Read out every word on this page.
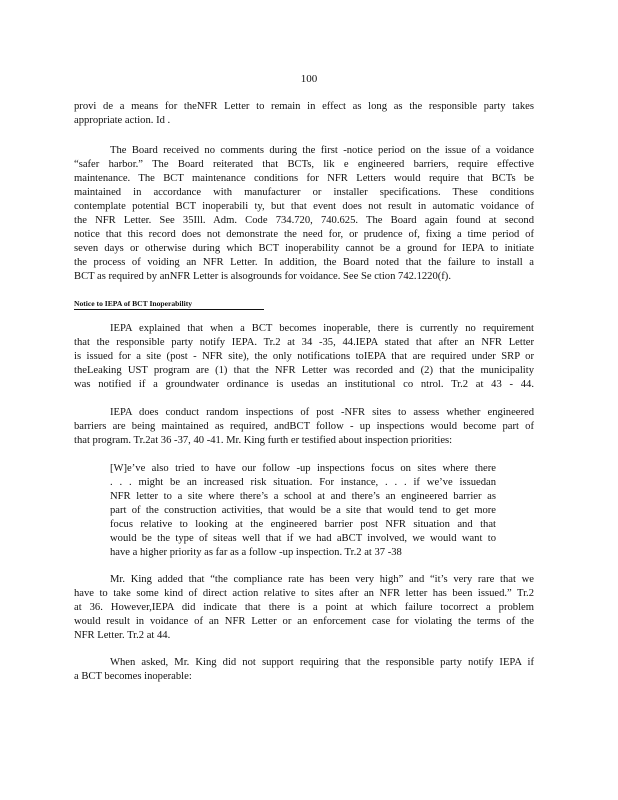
100
provi de a means for theNFR Letter to remain in effect as long as the responsible party takes
appropriate action. Id .
The Board received no comments during the first -notice period on the issue of a voidance
“safer harbor.” The Board reiterated that BCTs, lik e engineered barriers, require effective
maintenance. The BCT maintenance conditions for NFR Letters would require that BCTs be
maintained in accordance with manufacturer or installer specifications. These conditions
contemplate potential BCT inoperabili ty, but that event does not result in automatic voidance of
the NFR Letter. See 35Ill. Adm. Code 734.720, 740.625. The Board again found at second
notice that this record does not demonstrate the need for, or prudence of, fixing a time period of
seven days or otherwise during which BCT inoperability cannot be a ground for IEPA to initiate
the process of voiding an NFR Letter. In addition, the Board noted that the failure to install a
BCT as required by anNFR Letter is alsogrounds for voidance. See Se ction 742.1220(f).
Notice to IEPA of BCT Inoperability
IEPA explained that when a BCT becomes inoperable, there is currently no requirement
that the responsible party notify IEPA. Tr.2 at 34 -35, 44.IEPA stated that after an NFR Letter
is issued for a site (post - NFR site), the only notifications toIEPA that are required under SRP or
theLeaking UST program are (1) that the NFR Letter was recorded and (2) that the municipality
was notified if a groundwater ordinance is usedas an institutional co ntrol. Tr.2 at 43 - 44.
IEPA does conduct random inspections of post -NFR sites to assess whether engineered
barriers are being maintained as required, andBCT follow - up inspections would become part of
that program. Tr.2at 36 -37, 40 -41. Mr. King furth er testified about inspection priorities:
[W]e’ve also tried to have our follow -up inspections focus on sites where there
. . . might be an increased risk situation. For instance, . . . if we’ve issuedan
NFR letter to a site where there’s a school at and there’s an engineered barrier as
part of the construction activities, that would be a site that would tend to get more
focus relative to looking at the engineered barrier post NFR situation and that
would be the type of siteas well that if we had aBCT involved, we would want to
have a higher priority as far as a follow -up inspection. Tr.2 at 37 -38
Mr. King added that “the compliance rate has been very high” and “it’s very rare that we
have to take some kind of direct action relative to sites after an NFR letter has been issued.” Tr.2
at 36. However,IEPA did indicate that there is a point at which failure tocorrect a problem
would result in voidance of an NFR Letter or an enforcement case for violating the terms of the
NFR Letter. Tr.2 at 44.
When asked, Mr. King did not support requiring that the responsible party notify IEPA if
a BCT becomes inoperable:
